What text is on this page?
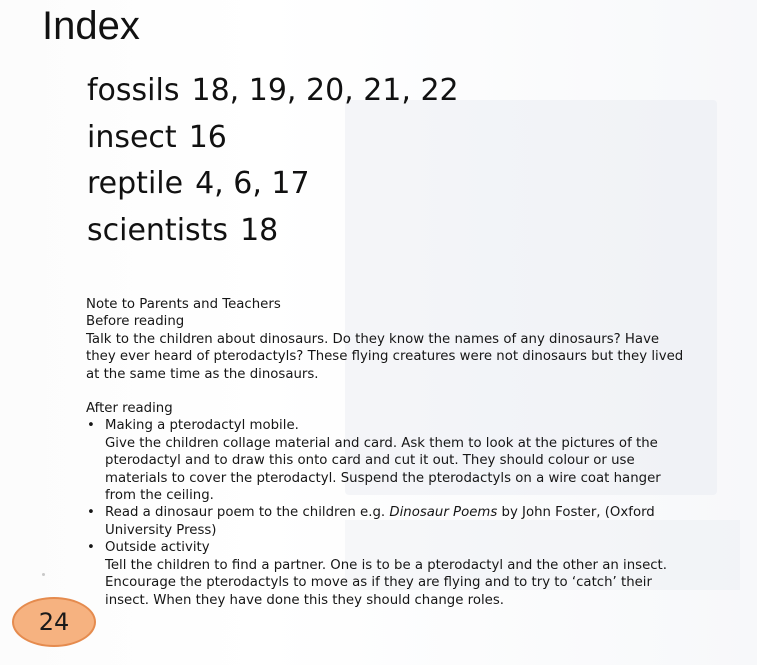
Index
fossils 18, 19, 20, 21, 22
insect 16
reptile 4, 6, 17
scientists 18

Note to Parents and Teachers

Before reading

Talk to the children about dinosaurs. Do they know the names of any dinosaurs? Have they ever heard of pterodactyls? These flying creatures were not dinosaurs but they lived at the same time as the dinosaurs.

After reading

• Making a pterodactyl mobile.

Give the children collage material and card. Ask them to look at the pictures of the pterodactyl and to draw this onto card and cut it out. They should colour or use materials to cover the pterodactyl. Suspend the pterodactyls on a wire coat hanger from the ceiling.

• Read a dinosaur poem to the children e.g. Dinosaur Poems by John Foster, (Oxford University Press)

• Outside activity

Tell the children to find a partner. One is to be a pterodactyl and the other an insect. Encourage the pterodactyls to move as if they are flying and to try to ‘catch’ their insect. When they have done this they should change roles.

24
